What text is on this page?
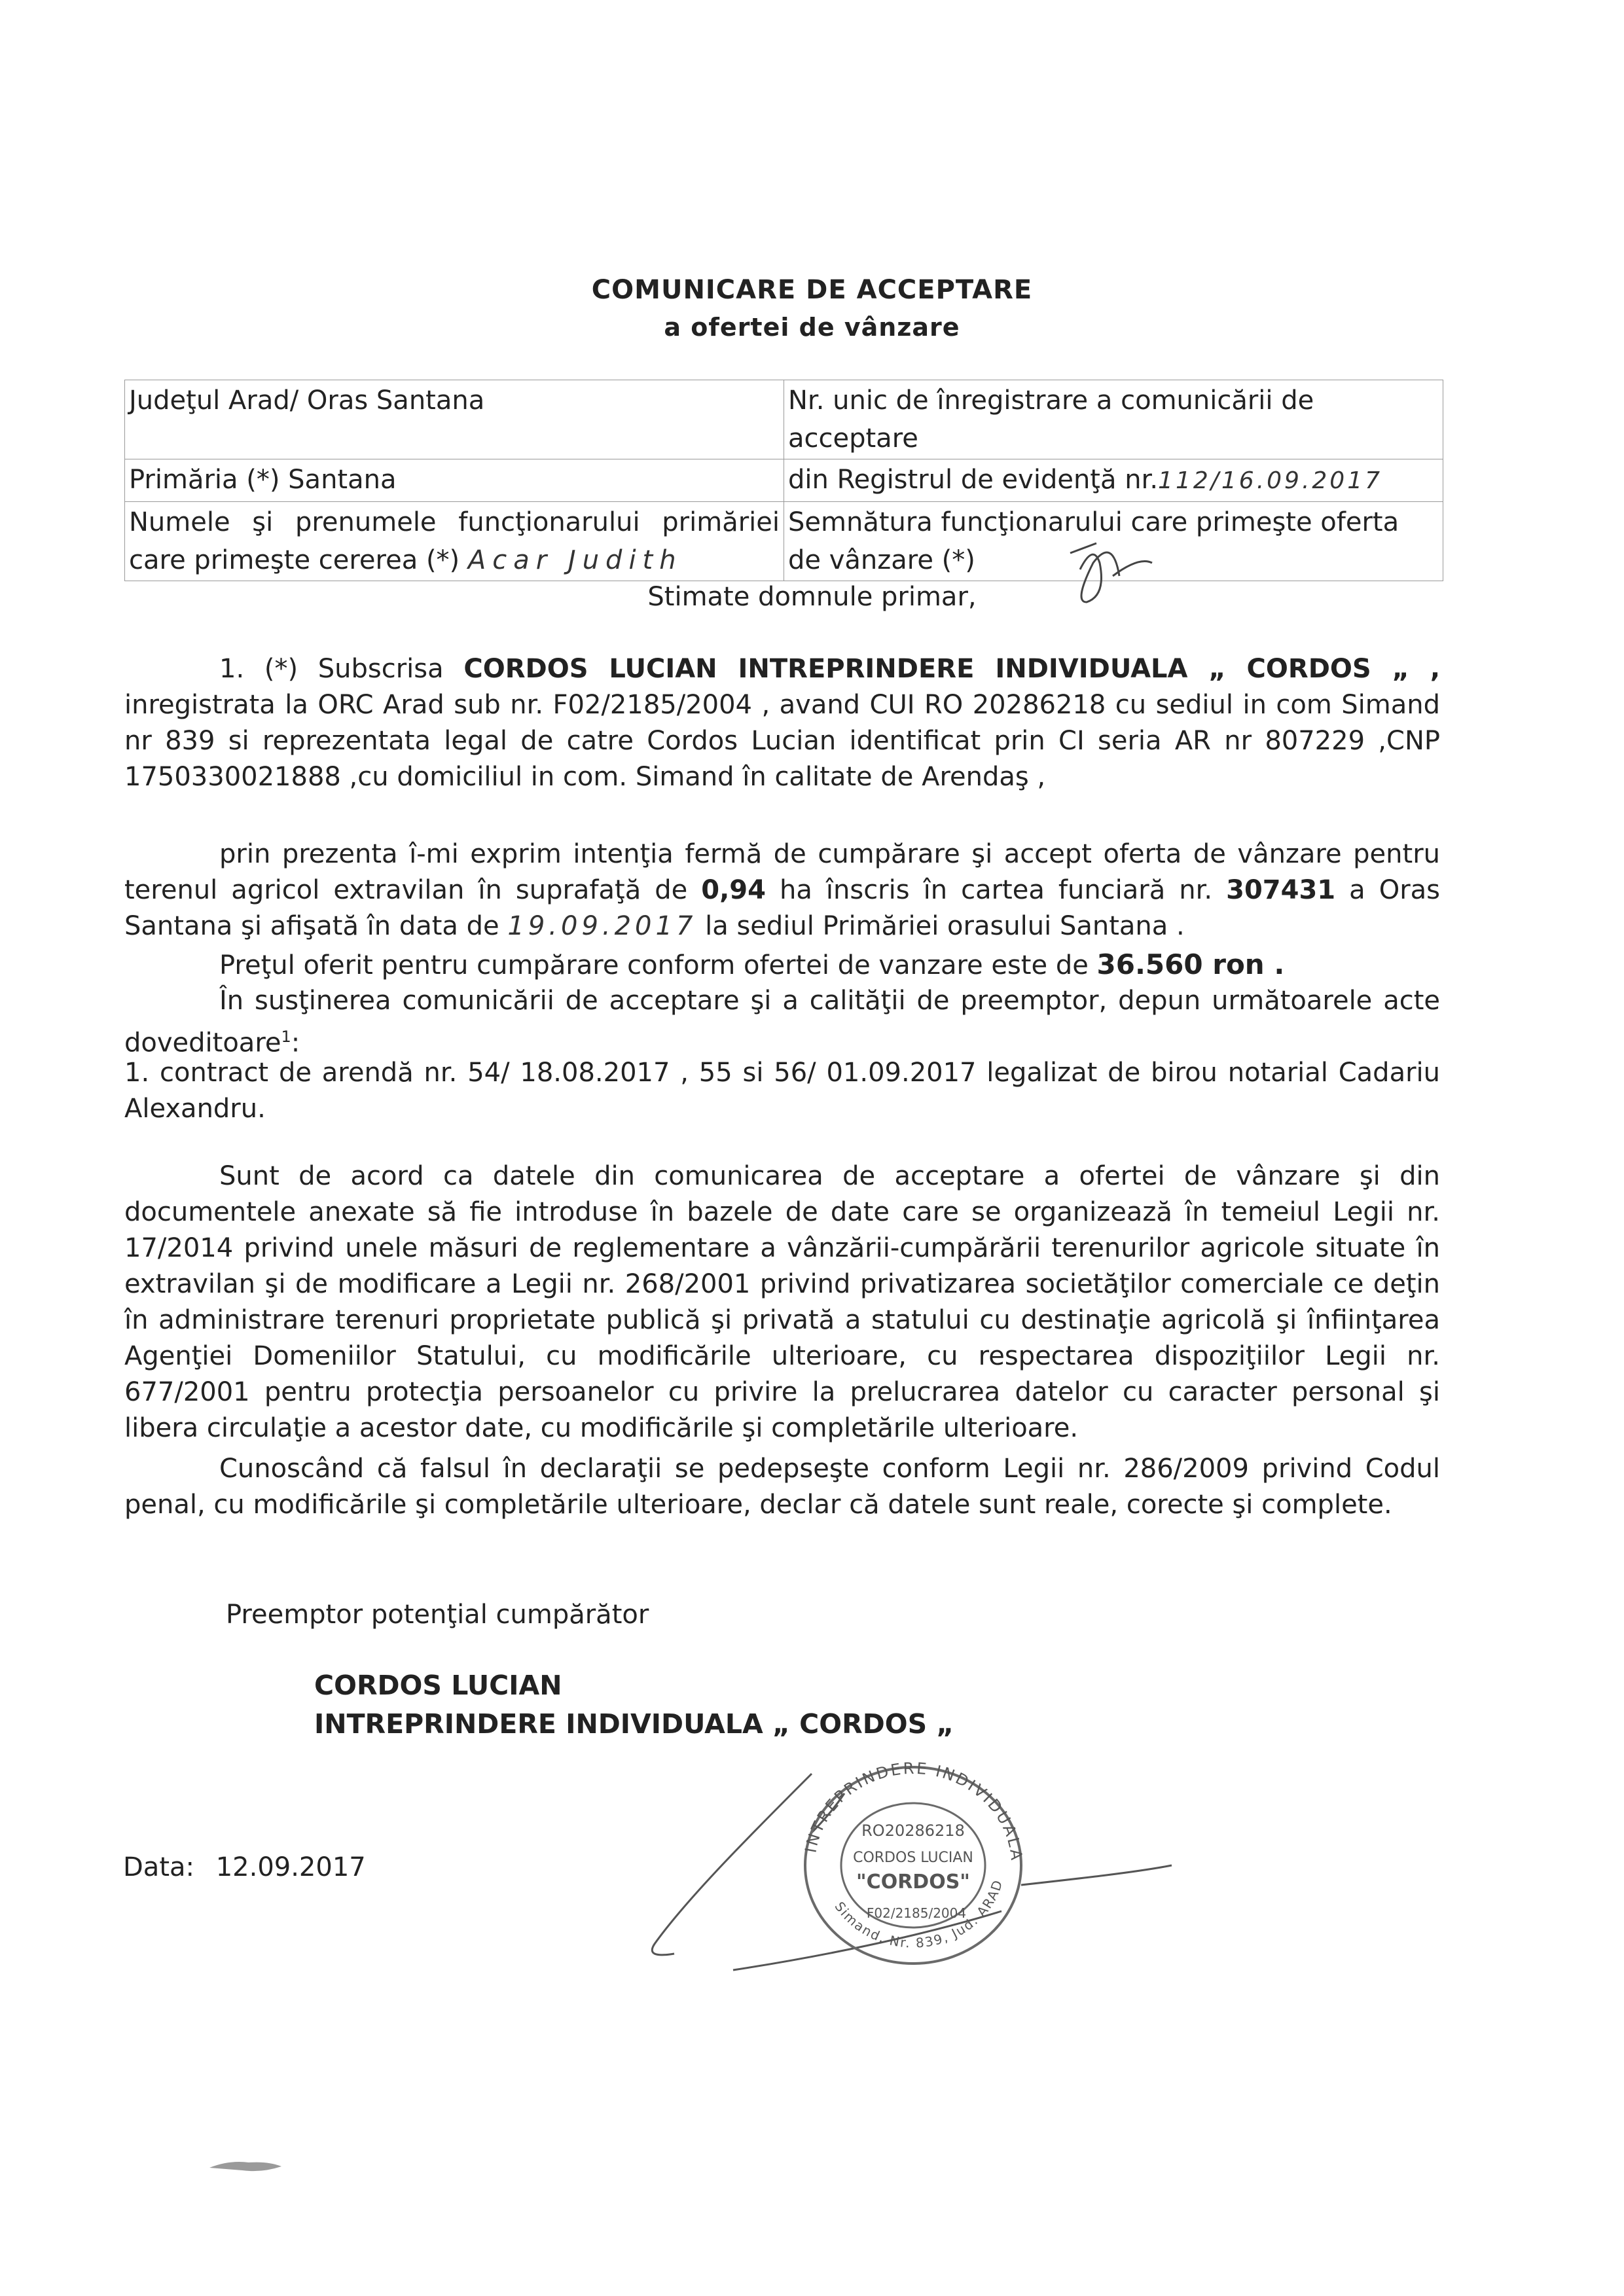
COMUNICARE DE ACCEPTARE
a ofertei de vânzare
Judeţul Arad/ Oras Santana	Nr. unic de înregistrare a comunicării de acceptare
Primăria (*) Santana	din Registrul de evidenţă nr.112/16.09.2017
Numele şi prenumele funcţionarului primăriei care primeşte cererea (*) Acar Judith	Semnătura funcţionarului care primeşte oferta de vânzare (*)
Stimate domnule primar,
1. (*) Subscrisa CORDOS LUCIAN INTREPRINDERE INDIVIDUALA „ CORDOS „ , inregistrata la ORC Arad sub nr. F02/2185/2004 , avand CUI RO 20286218 cu sediul in com Simand nr 839 si reprezentata legal de catre Cordos Lucian identificat prin CI seria AR nr 807229 ,CNP 1750330021888 ,cu domiciliul in com. Simand în calitate de Arendaş ,
prin prezenta î-mi exprim intenţia fermă de cumpărare şi accept oferta de vânzare pentru terenul agricol extravilan în suprafaţă de 0,94 ha înscris în cartea funciară nr. 307431 a Oras Santana şi afişată în data de 19.09.2017 la sediul Primăriei orasului Santana .
Preţul oferit pentru cumpărare conform ofertei de vanzare este de 36.560 ron .
În susţinerea comunicării de acceptare şi a calităţii de preemptor, depun următoarele acte doveditoare$^1$:
1. contract de arendă nr. 54/ 18.08.2017 , 55 si 56/ 01.09.2017 legalizat de birou notarial Cadariu Alexandru.
Sunt de acord ca datele din comunicarea de acceptare a ofertei de vânzare şi din documentele anexate să fie introduse în bazele de date care se organizează în temeiul Legii nr. 17/2014 privind unele măsuri de reglementare a vânzării-cumpărării terenurilor agricole situate în extravilan şi de modificare a Legii nr. 268/2001 privind privatizarea societăţilor comerciale ce deţin în administrare terenuri proprietate publică şi privată a statului cu destinaţie agricolă şi înfiinţarea Agenţiei Domeniilor Statului, cu modificările ulterioare, cu respectarea dispoziţiilor Legii nr. 677/2001 pentru protecţia persoanelor cu privire la prelucrarea datelor cu caracter personal şi libera circulaţie a acestor date, cu modificările şi completările ulterioare.
Cunoscând că falsul în declaraţii se pedepseşte conform Legii nr. 286/2009 privind Codul penal, cu modificările şi completările ulterioare, declar că datele sunt reale, corecte şi complete.
Preemptor potenţial cumpărător
CORDOS LUCIAN
INTREPRINDERE INDIVIDUALA „ CORDOS „
Data: 12.09.2017
INTREPRINDERE INDIVIDUALA
RO20286218
CORDOS LUCIAN
"CORDOS"
F02/2185/2004
Simand, Nr. 839, Jud. ARAD
